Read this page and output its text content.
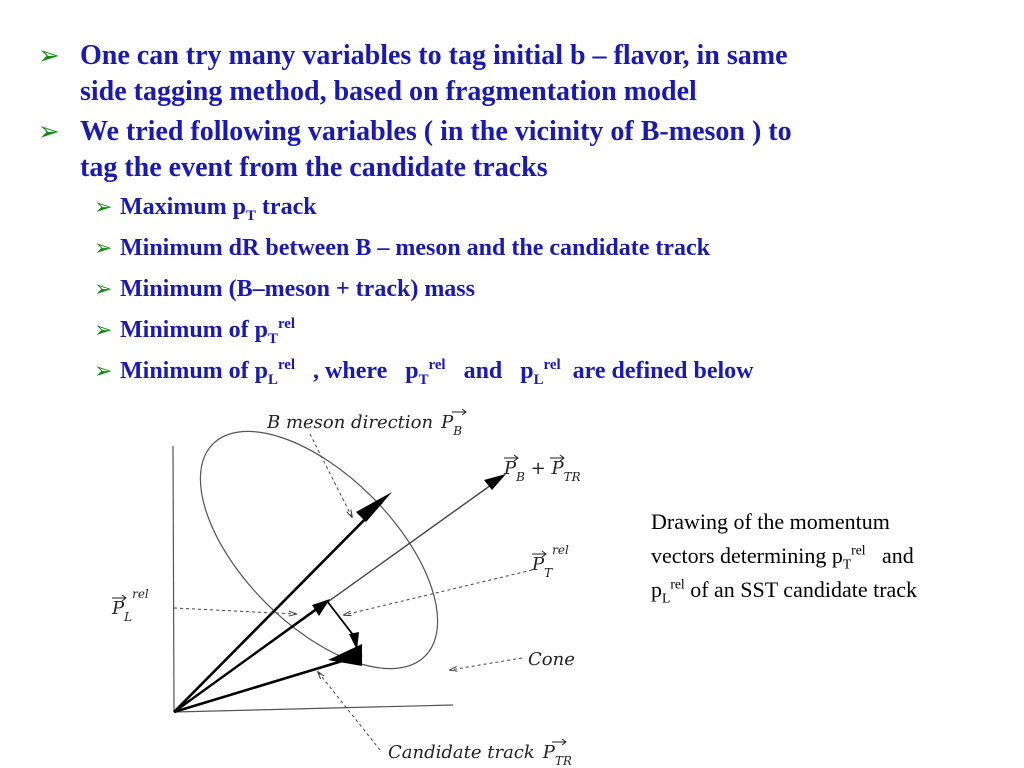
➢ One can try many variables to tag initial b – flavor, in same
side tagging method, based on fragmentation model
➢ We tried following variables ( in the vicinity of B-meson ) to
tag the event from the candidate tracks
➢ Maximum $p_T$ track
➢ Minimum dR between B – meson and the candidate track
➢ Minimum (B–meson + track) mass
➢ Minimum of $p_T^{rel}$
➢ Minimum of $p_L^{rel}$   , where   $p_T^{rel}$   and   $p_L^{rel}$  are defined below
B meson direction $P_B$
$P_B + P_{TR}$
$P_T^{rel}$
$P_L^{rel}$
Cone
Candidate track $P_{TR}$
Drawing of the momentum
vectors determining $p_T^{rel}$   and
$p_L^{rel}$ of an SST candidate track
